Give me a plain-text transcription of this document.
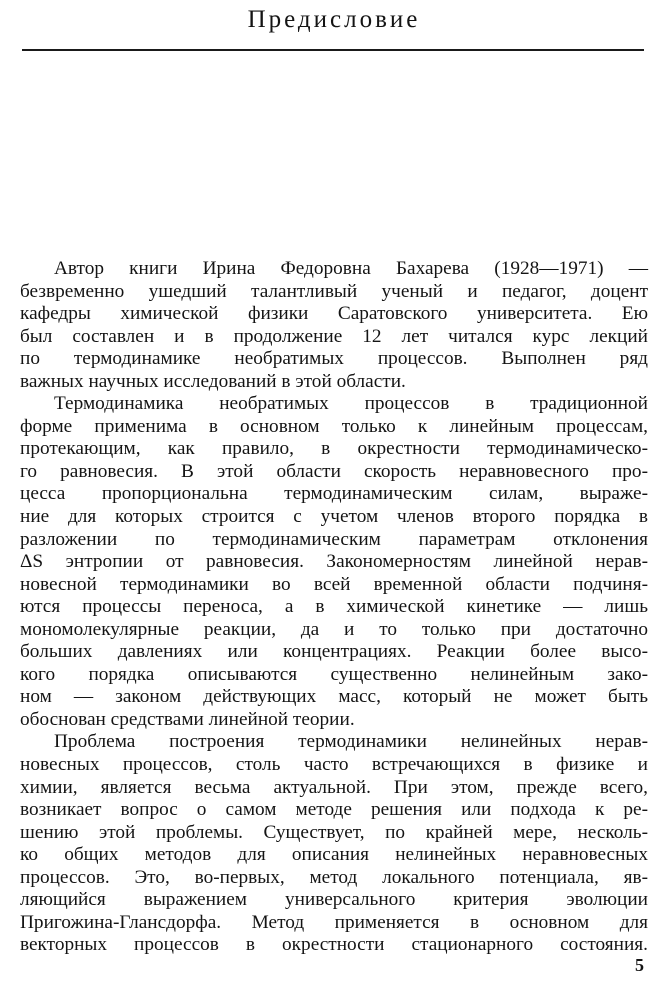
Предисловие
Автор книги Ирина Федоровна Бахарева (1928—1971) —
безвременно ушедший талантливый ученый и педагог, доцент
кафедры химической физики Саратовского университета. Ею
был составлен и в продолжение 12 лет читался курс лекций
по термодинамике необратимых процессов. Выполнен ряд
важных научных исследований в этой области.
Термодинамика необратимых процессов в традиционной
форме применима в основном только к линейным процессам,
протекающим, как правило, в окрестности термодинамическо-
го равновесия. В этой области скорость неравновесного про-
цесса пропорциональна термодинамическим силам, выраже-
ние для которых строится с учетом членов второго порядка в
разложении по термодинамическим параметрам отклонения
ΔS энтропии от равновесия. Закономерностям линейной нерав-
новесной термодинамики во всей временной области подчиня-
ются процессы переноса, а в химической кинетике — лишь
мономолекулярные реакции, да и то только при достаточно
больших давлениях или концентрациях. Реакции более высо-
кого порядка описываются существенно нелинейным зако-
ном — законом действующих масс, который не может быть
обоснован средствами линейной теории.
Проблема построения термодинамики нелинейных нерав-
новесных процессов, столь часто встречающихся в физике и
химии, является весьма актуальной. При этом, прежде всего,
возникает вопрос о самом методе решения или подхода к ре-
шению этой проблемы. Существует, по крайней мере, несколь-
ко общих методов для описания нелинейных неравновесных
процессов. Это, во-первых, метод локального потенциала, яв-
ляющийся выражением универсального критерия эволюции
Пригожина-Гланcдорфа. Метод применяется в основном для
векторных процессов в окрестности стационарного состояния.
5
